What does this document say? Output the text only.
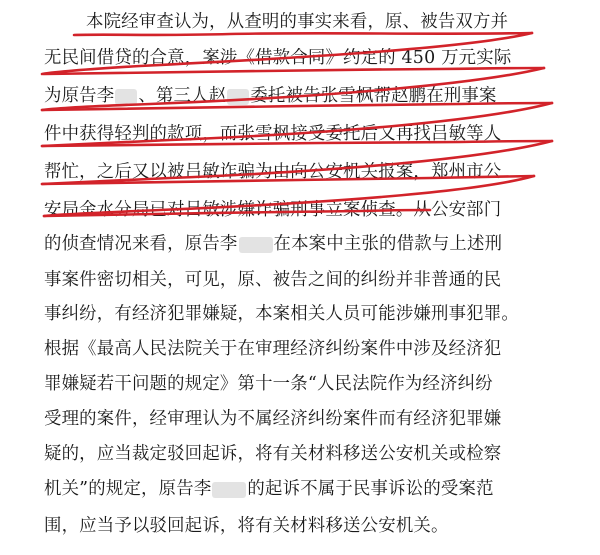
本院经审查认为，从查明的事实来看，原、被告双方并
无民间借贷的合意，案涉《借款合同》约定的 450 万元实际
为原告李 、第三人赵 委托被告张雪枫帮赵鹏在刑事案
件中获得轻判的款项，而张雪枫接受委托后又再找吕敏等人
帮忙，之后又以被吕敏诈骗为由向公安机关报案，郑州市公
安局金水分局已对吕敏涉嫌诈骗刑事立案侦查。从公安部门
的侦查情况来看，原告李 在本案中主张的借款与上述刑
事案件密切相关，可见，原、被告之间的纠纷并非普通的民
事纠纷，有经济犯罪嫌疑，本案相关人员可能涉嫌刑事犯罪。
根据《最高人民法院关于在审理经济纠纷案件中涉及经济犯
罪嫌疑若干问题的规定》第十一条“人民法院作为经济纠纷
受理的案件，经审理认为不属经济纠纷案件而有经济犯罪嫌
疑的，应当裁定驳回起诉，将有关材料移送公安机关或检察
机关”的规定，原告李 的起诉不属于民事诉讼的受案范
围，应当予以驳回起诉，将有关材料移送公安机关。
